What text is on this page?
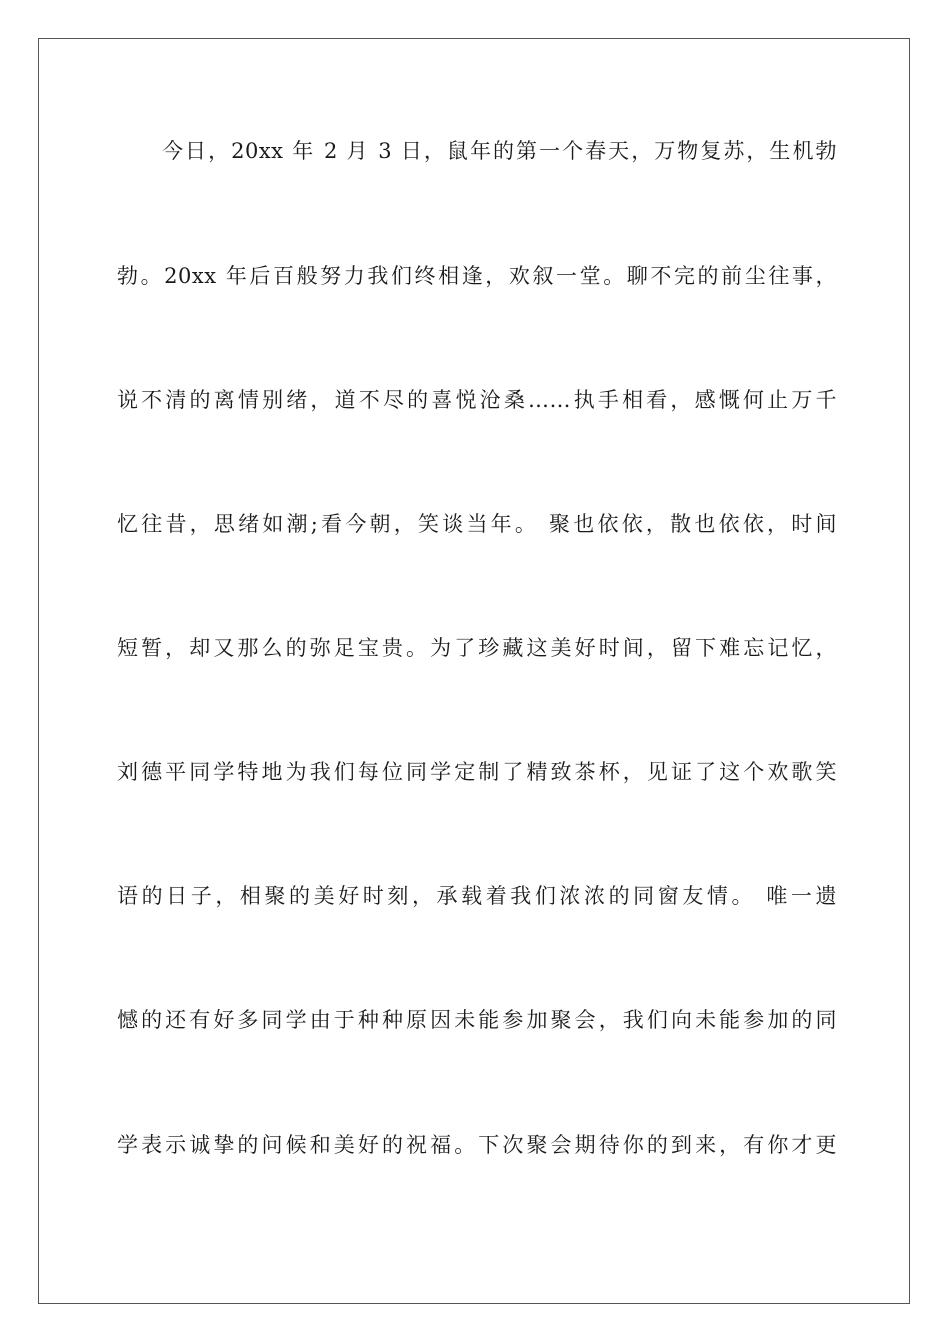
今日，20xx 年 2 月 3 日，鼠年的第一个春天，万物复苏，生机勃
勃。20xx 年后百般努力我们终相逢，欢叙一堂。聊不完的前尘往事，
说不清的离情别绪，道不尽的喜悦沧桑……执手相看，感慨何止万千
忆往昔，思绪如潮;看今朝，笑谈当年。 聚也依依，散也依依，时间
短暂，却又那么的弥足宝贵。为了珍藏这美好时间，留下难忘记忆，
刘德平同学特地为我们每位同学定制了精致茶杯，见证了这个欢歌笑
语的日子，相聚的美好时刻，承载着我们浓浓的同窗友情。 唯一遗
憾的还有好多同学由于种种原因未能参加聚会，我们向未能参加的同
学表示诚挚的问候和美好的祝福。下次聚会期待你的到来，有你才更
